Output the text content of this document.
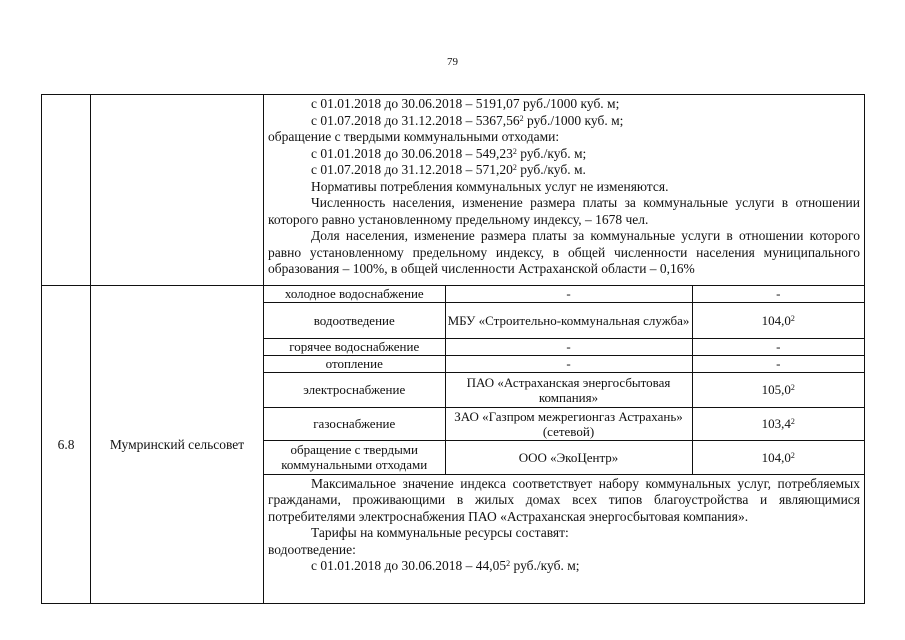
79

с 01.01.2018 до 30.06.2018 – 5191,07 руб./1000 куб. м;

с 01.07.2018 до 31.12.2018 – 5367,56$^2$ руб./1000 куб. м;

обращение с твердыми коммунальными отходами:

с 01.01.2018 до 30.06.2018 – 549,23$^2$ руб./куб. м;

с 01.07.2018 до 31.12.2018 – 571,20$^2$ руб./куб. м.

Нормативы потребления коммунальных услуг не изменяются.

Численность населения, изменение размера платы за коммунальные услуги в отношении которого равно установленному предельному индексу, – 1678 чел.

Доля населения, изменение размера платы за коммунальные услуги в отношении которого равно установленному предельному индексу, в общей численности населения муниципального образования – 100%, в общей численности Астраханской области – 0,16%

6.8	Мумринский сельсовет	
холодное водоснабжение	-	-
водоотведение	МБУ «Строительно-коммунальная служба»	104,0$^2$
горячее водоснабжение	-	-
отопление	-	-
электроснабжение	ПАО «Астраханская энергосбытовая компания»	105,0$^2$
газоснабжение	ЗАО «Газпром межрегионгаз Астрахань» (сетевой)	103,4$^2$
обращение с твердыми коммунальными отходами	ООО «ЭкоЦентр»	104,0$^2$

Максимальное значение индекса соответствует набору коммунальных услуг, потребляемых гражданами, проживающими в жилых домах всех типов благоустройства и являющимися потребителями электроснабжения ПАО «Астраханская энергосбытовая компания».

Тарифы на коммунальные ресурсы составят:

водоотведение:

с 01.01.2018 до 30.06.2018 – 44,05$^2$ руб./куб. м;
